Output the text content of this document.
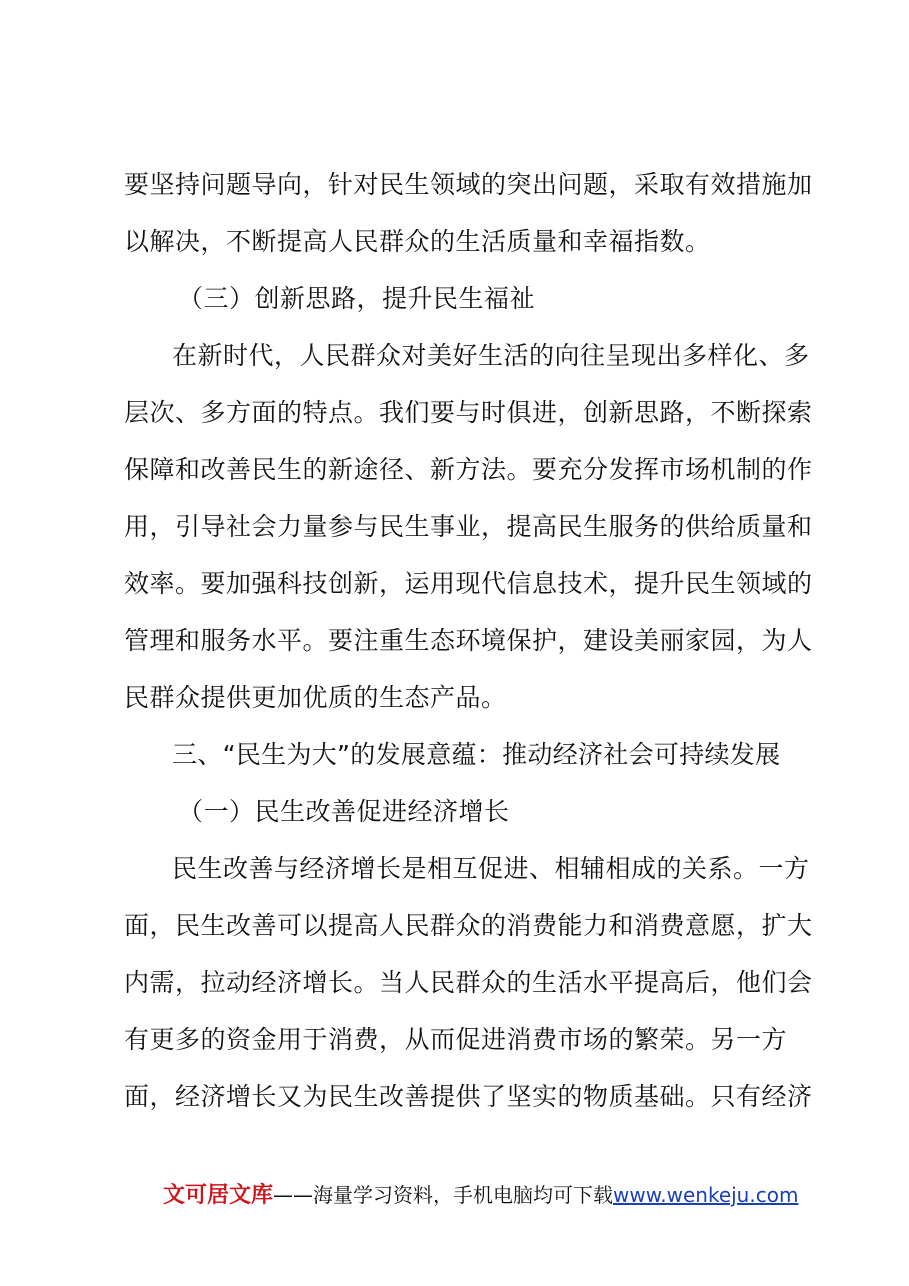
要坚持问题导向，针对民生领域的突出问题，采取有效措施加
以解决，不断提高人民群众的生活质量和幸福指数。
（三）创新思路，提升民生福祉
在新时代，人民群众对美好生活的向往呈现出多样化、多
层次、多方面的特点。我们要与时俱进，创新思路，不断探索
保障和改善民生的新途径、新方法。要充分发挥市场机制的作
用，引导社会力量参与民生事业，提高民生服务的供给质量和
效率。要加强科技创新，运用现代信息技术，提升民生领域的
管理和服务水平。要注重生态环境保护，建设美丽家园，为人
民群众提供更加优质的生态产品。
三、“民生为大”的发展意蕴：推动经济社会可持续发展
（一）民生改善促进经济增长
民生改善与经济增长是相互促进、相辅相成的关系。一方
面，民生改善可以提高人民群众的消费能力和消费意愿，扩大
内需，拉动经济增长。当人民群众的生活水平提高后，他们会
有更多的资金用于消费，从而促进消费市场的繁荣。另一方
面，经济增长又为民生改善提供了坚实的物质基础。只有经济
文可居文库——海量学习资料，手机电脑均可下载www.wenkeju.com
